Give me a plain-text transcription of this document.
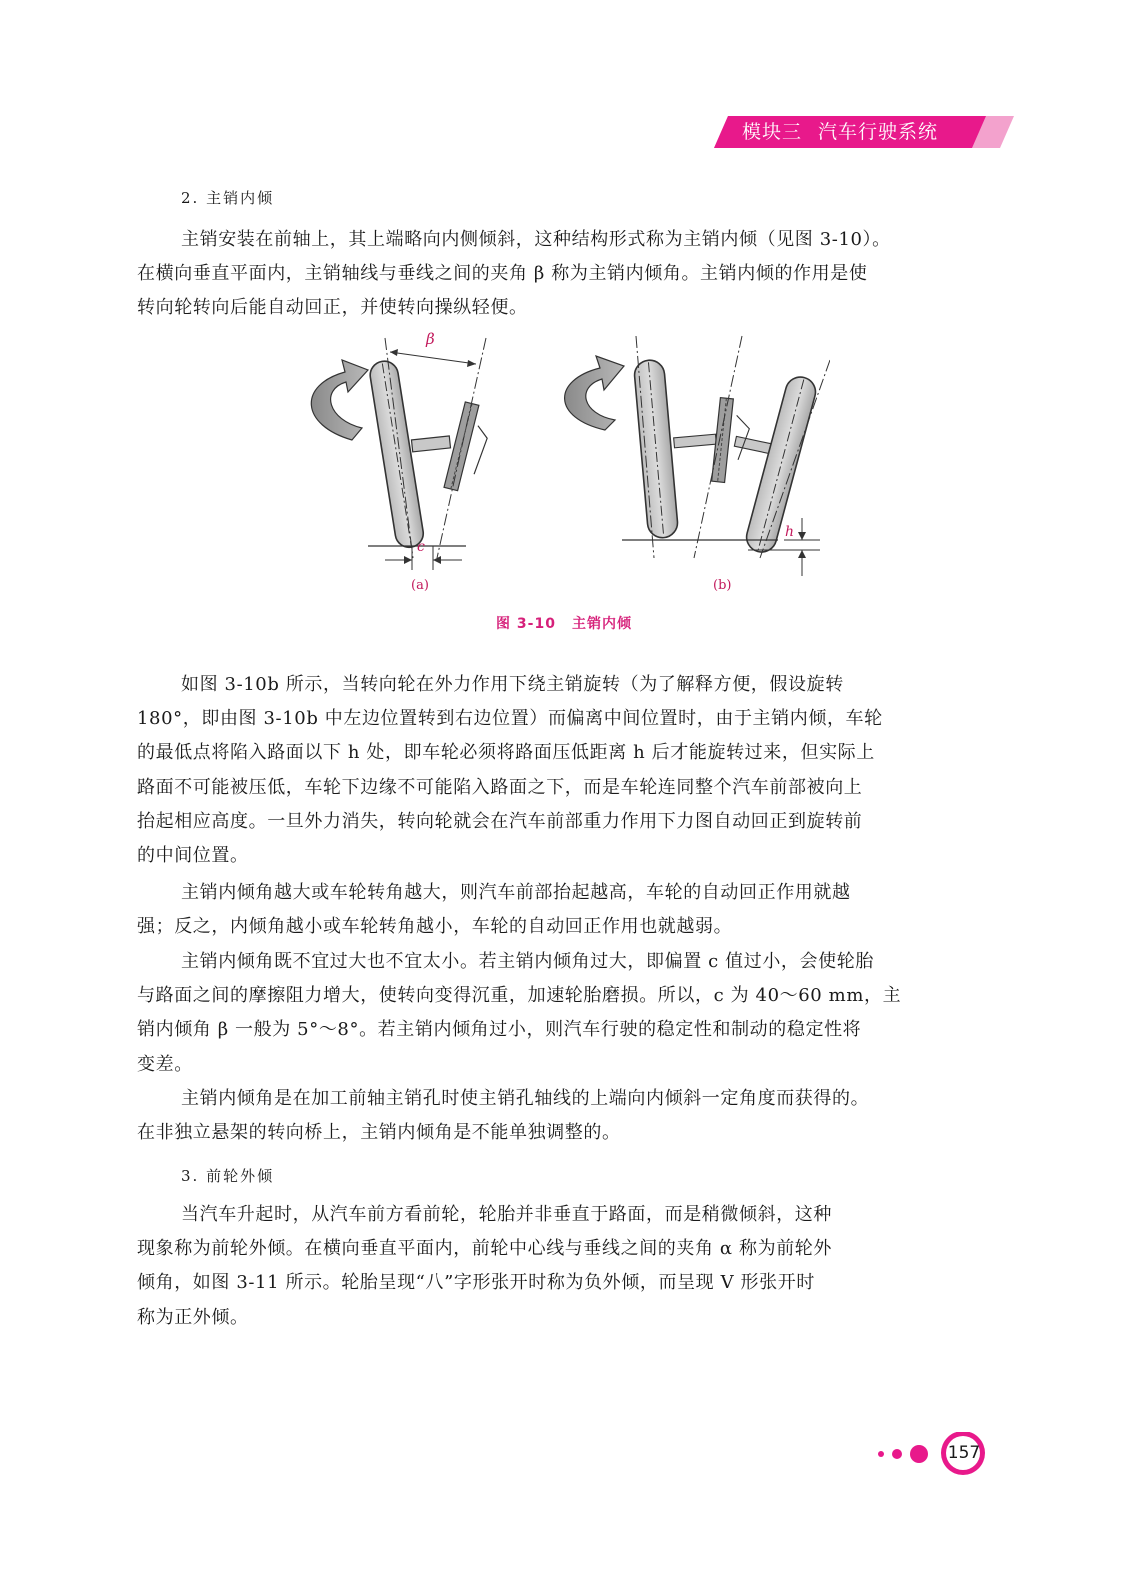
模块三 汽车行驶系统
2. 主销内倾

主销安装在前轴上，其上端略向内侧倾斜，这种结构形式称为主销内倾（见图 3-10）。
在横向垂直平面内，主销轴线与垂线之间的夹角 β 称为主销内倾角。主销内倾的作用是使
转向轮转向后能自动回正，并使转向操纵轻便。

β
c
h
(a)	(b)
图 3-10 主销内倾

如图 3-10b 所示，当转向轮在外力作用下绕主销旋转（为了解释方便，假设旋转
180°，即由图 3-10b 中左边位置转到右边位置）而偏离中间位置时，由于主销内倾，车轮
的最低点将陷入路面以下 h 处，即车轮必须将路面压低距离 h 后才能旋转过来，但实际上
路面不可能被压低，车轮下边缘不可能陷入路面之下，而是车轮连同整个汽车前部被向上
抬起相应高度。一旦外力消失，转向轮就会在汽车前部重力作用下力图自动回正到旋转前
的中间位置。

主销内倾角越大或车轮转角越大，则汽车前部抬起越高，车轮的自动回正作用就越
强；反之，内倾角越小或车轮转角越小，车轮的自动回正作用也就越弱。

主销内倾角既不宜过大也不宜太小。若主销内倾角过大，即偏置 c 值过小，会使轮胎
与路面之间的摩擦阻力增大，使转向变得沉重，加速轮胎磨损。所以，c 为 40～60 mm，主
销内倾角 β 一般为 5°～8°。若主销内倾角过小，则汽车行驶的稳定性和制动的稳定性将
变差。

主销内倾角是在加工前轴主销孔时使主销孔轴线的上端向内倾斜一定角度而获得的。
在非独立悬架的转向桥上，主销内倾角是不能单独调整的。

3. 前轮外倾

当汽车升起时，从汽车前方看前轮，轮胎并非垂直于路面，而是稍微倾斜，这种
现象称为前轮外倾。在横向垂直平面内，前轮中心线与垂线之间的夹角 α 称为前轮外
倾角，如图 3-11 所示。轮胎呈现“八”字形张开时称为负外倾，而呈现 V 形张开时
称为正外倾。

157
